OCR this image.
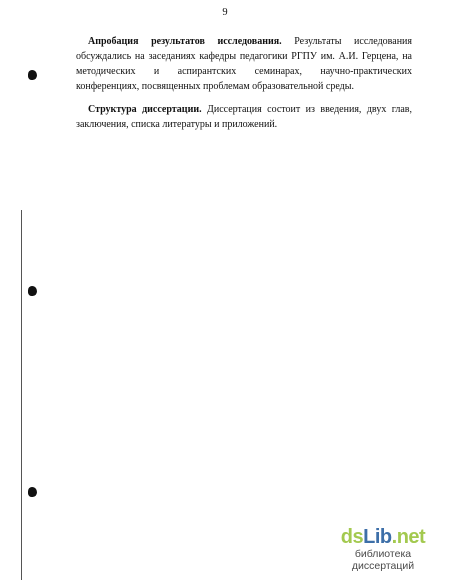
9
Апробация результатов исследования. Результаты исследования обсуждались на заседаниях кафедры педагогики РГПУ им. А.И. Герцена, на методических и аспирантских семинарах, научно-практических конференциях, посвященных проблемам образовательной среды.
Структура диссертации. Диссертация состоит из введения, двух глав, заключения, списка литературы и приложений.
dsLib.net
библиотека диссертаций
